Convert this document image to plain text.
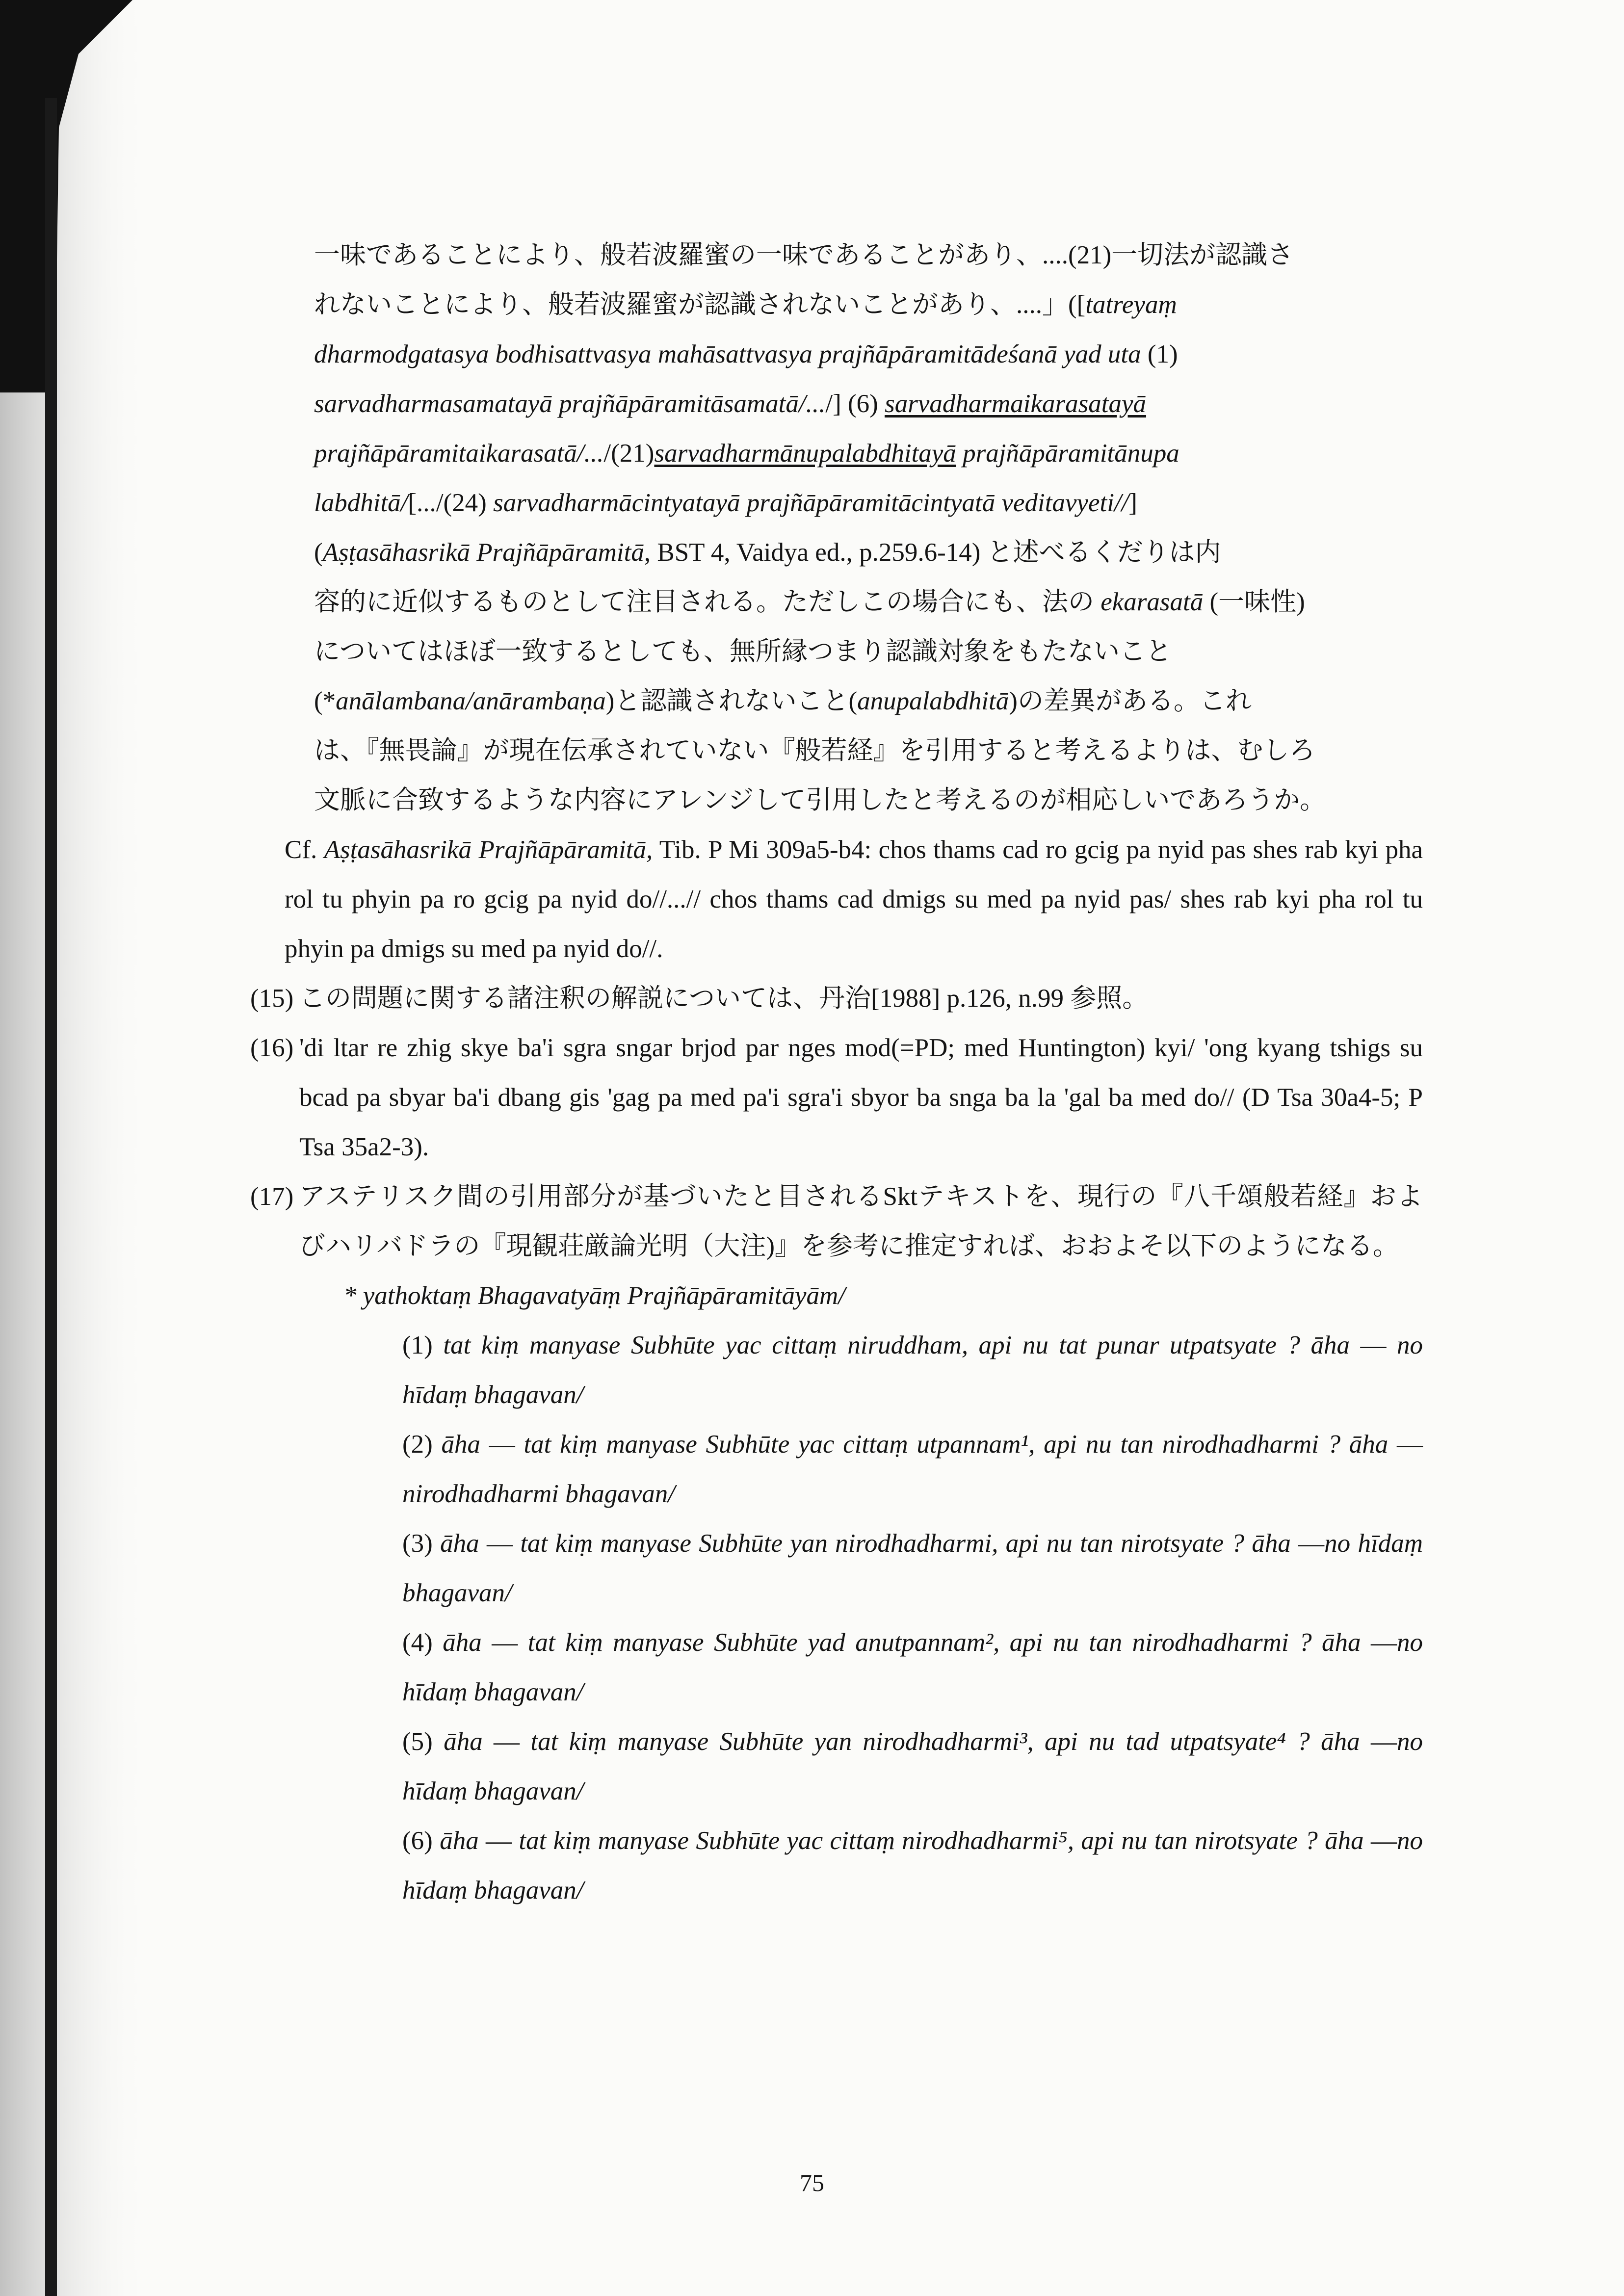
一味であることにより、般若波羅蜜の一味であることがあり、....(21)一切法が認識さ

れないことにより、般若波羅蜜が認識されないことがあり、....」([tatreyaṃ

dharmodgatasya bodhisattvasya mahāsattvasya prajñāpāramitādeśanā yad uta (1)

sarvadharmasamatayā prajñāpāramitāsamatā/.../] (6) sarvadharmaikarasatayā

prajñāpāramitaikarasatā/.../(21)sarvadharmānupalabdhitayā prajñāpāramitānupa

labdhitā/[.../(24) sarvadharmācintyatayā prajñāpāramitācintyatā veditavyeti//]

(Aṣṭasāhasrikā Prajñāpāramitā, BST 4, Vaidya ed., p.259.6-14) と述べるくだりは内

容的に近似するものとして注目される。ただしこの場合にも、法の ekarasatā (一味性)

についてはほぼ一致するとしても、無所縁つまり認識対象をもたないこと

(*anālambana/anārambaṇa)と認識されないこと(anupalabdhitā)の差異がある。これ

は、『無畏論』が現在伝承されていない『般若経』を引用すると考えるよりは、むしろ

文脈に合致するような内容にアレンジして引用したと考えるのが相応しいであろうか。

Cf. Aṣṭasāhasrikā Prajñāpāramitā, Tib. P Mi 309a5-b4: chos thams cad ro gcig pa nyid pas shes rab kyi pha rol tu phyin pa ro gcig pa nyid do//...// chos thams cad dmigs su med pa nyid pas/ shes rab kyi pha rol tu phyin pa dmigs su med pa nyid do//.
(15) この問題に関する諸注釈の解説については、丹治[1988] p.126, n.99 参照。
(16) 'di ltar re zhig skye ba'i sgra sngar brjod par nges mod(=PD; med Huntington) kyi/ 'ong kyang tshigs su bcad pa sbyar ba'i dbang gis 'gag pa med pa'i sgra'i sbyor ba snga ba la 'gal ba med do// (D Tsa 30a4-5; P Tsa 35a2-3).
(17) アステリスク間の引用部分が基づいたと目されるSktテキストを、現行の『八千頌般若経』およびハリバドラの『現観荘厳論光明（大注)』を参考に推定すれば、おおよそ以下のようになる。
* yathoktaṃ Bhagavatyāṃ Prajñāpāramitāyām/
(1) tat kiṃ manyase Subhūte yac cittaṃ niruddham, api nu tat punar utpatsyate ? āha ― no hīdaṃ bhagavan/
(2) āha ― tat kiṃ manyase Subhūte yac cittaṃ utpannam¹, api nu tan nirodhadharmi ? āha ― nirodhadharmi bhagavan/
(3) āha ― tat kiṃ manyase Subhūte yan nirodhadharmi, api nu tan nirotsyate ? āha ―no hīdaṃ bhagavan/
(4) āha ― tat kiṃ manyase Subhūte yad anutpannam², api nu tan nirodhadharmi ? āha ―no hīdaṃ bhagavan/
(5) āha ― tat kiṃ manyase Subhūte yan nirodhadharmi³, api nu tad utpatsyate⁴ ? āha ―no hīdaṃ bhagavan/
(6) āha ― tat kiṃ manyase Subhūte yac cittaṃ nirodhadharmi⁵, api nu tan nirotsyate ? āha ―no hīdaṃ bhagavan/
75
